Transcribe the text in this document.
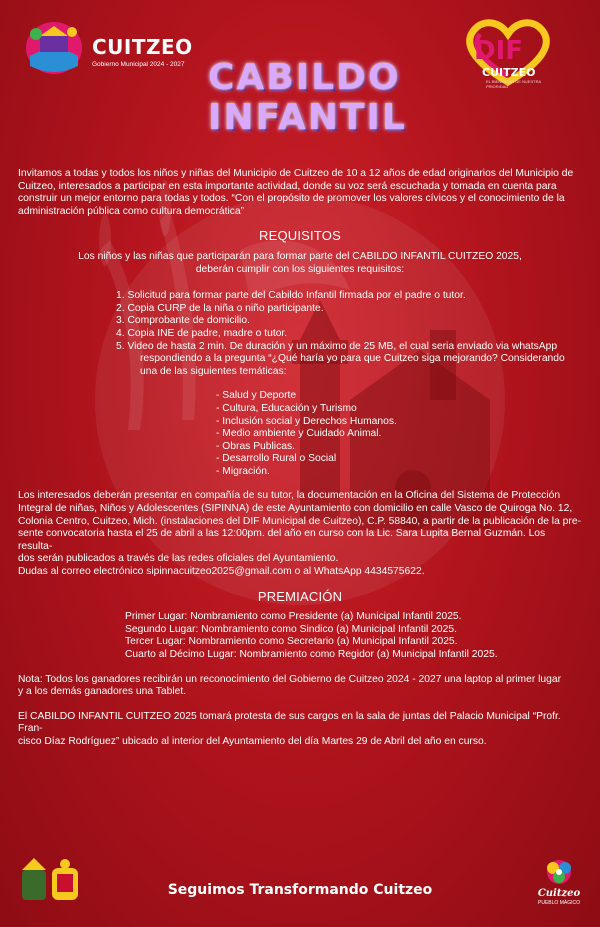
CUITZEO
Gobierno Municipal 2024 - 2027 CABILDO
INFANTIL
DIF
CUITZEO
EL BIENESTAR DE NUESTRA PRIORIDAD

Invitamos a todas y todos los niños y niñas del Municipio de Cuitzeo de 10 a 12 años de edad originarios del Municipio de Cuitzeo, interesados a participar en esta importante actividad, donde su voz será escuchada y tomada en cuenta para construir un mejor entorno para todas y todos. “Con el propósito de promover los valores cívicos y el conocimiento de la administración pública como cultura democrática”

REQUISITOS
Los niños y las niñas que participarán para formar parte del CABILDO INFANTIL CUITZEO 2025,
deberán cumplir con los siguientes requisitos:
1. Solicitud para formar parte del Cabildo Infantil firmada por el padre o tutor.
2. Copia CURP de la niña o niño participante.
3. Comprobante de domicilio.
4. Copia INE de padre, madre o tutor.
5. Video de hasta 2 min. De duración y un máximo de 25 MB, el cual seria enviado via whatsApp
respondiendo a la pregunta “¿Qué haría yo para que Cuitzeo siga mejorando? Considerando
una de las siguientes temáticas:
- Salud y Deporte
- Cultura, Educación y Turismo
- Inclusión social y Derechos Humanos.
- Medio ambiente y Cuidado Animal.
- Obras Publicas.
- Desarrollo Rural o Social
- Migración.
Los interesados deberán presentar en compañía de su tutor, la documentación en la Oficina del Sistema de Protección
Integral de niñas, Niños y Adolescentes (SIPINNA) de este Ayuntamiento con domicilio en calle Vasco de Quiroga No. 12,
Colonia Centro, Cuitzeo, Mich. (instalaciones del DIF Municipal de Cuitzeo), C.P. 58840, a partir de la publicación de la pre-
sente convocatoria hasta el 25 de abril a las 12:00pm. del año en curso con la Lic. Sara Lupita Bernal Guzmán. Los resulta-
dos serán publicados a través de las redes oficiales del Ayuntamiento.
Dudas al correo electrónico sipinnacuitzeo2025@gmail.com o al WhatsApp 4434575622.
PREMIACIÓN
Primer Lugar: Nombramiento como Presidente (a) Municipal Infantil 2025.
Segundo Lugar: Nombramiento como Sindico (a) Municipal Infantil 2025.
Tercer Lugar: Nombramiento como Secretario (a) Municipal Infantil 2025.
Cuarto al Décimo Lugar: Nombramiento como Regidor (a) Municipal Infantil 2025.
Nota: Todos los ganadores recibirán un reconocimiento del Gobierno de Cuitzeo 2024 - 2027 una laptop al primer lugar
y a los demás ganadores una Tablet.
El CABILDO INFANTIL CUITZEO 2025 tomará protesta de sus cargos en la sala de juntas del Palacio Municipal “Profr. Fran-
cisco Díaz Rodríguez” ubicado al interior del Ayuntamiento del día Martes 29 de Abril del año en curso.
Seguimos Transformando Cuitzeo	Cuitzeo
PUEBLO MÁGICO
